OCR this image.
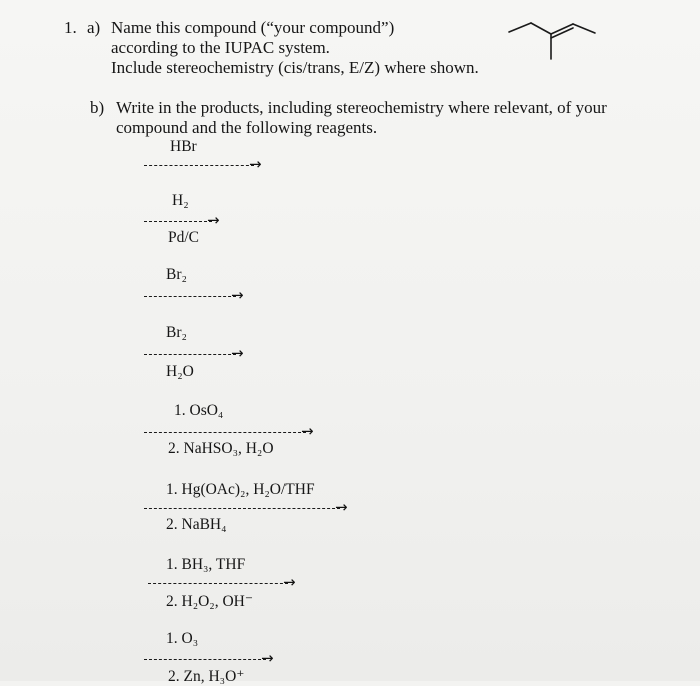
1. a) Name this compound (“your compound”)
according to the IUPAC system.
Include stereochemistry (cis/trans, E/Z) where shown.
b) Write in the products, including stereochemistry where relevant, of your
compound and the following reagents.
HBr
→
H₂
→
Pd/C
Br₂
→
Br₂
→
H₂O
1. OsO₄
→
2. NaHSO₃, H₂O
1. Hg(OAc)₂, H₂O/THF
→
2. NaBH₄
1. BH₃, THF
→
2. H₂O₂, OH⁻
1. O₃
→
2. Zn, H₃O⁺
